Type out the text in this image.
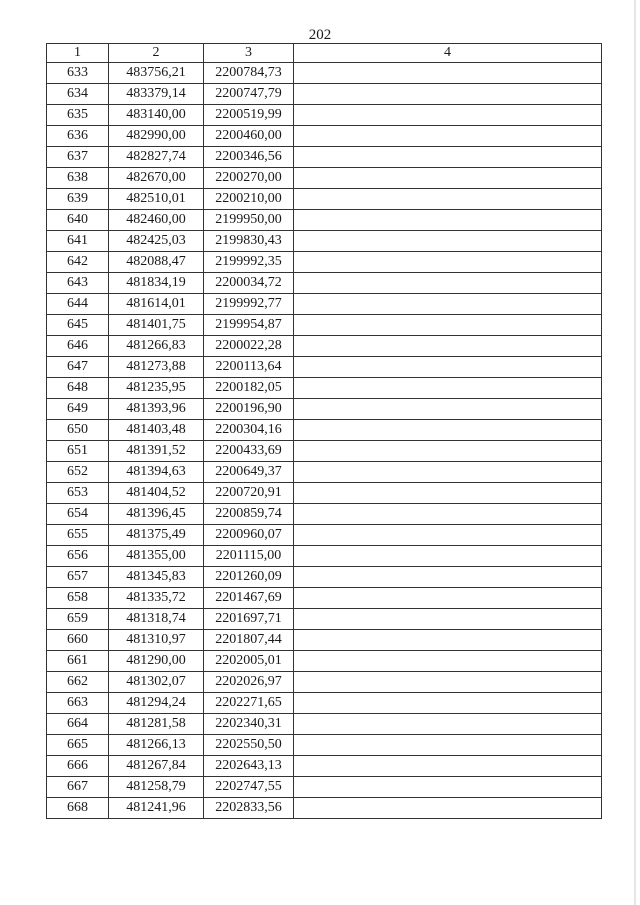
202
1	2	3	4
633	483756,21	2200784,73	
634	483379,14	2200747,79	
635	483140,00	2200519,99	
636	482990,00	2200460,00	
637	482827,74	2200346,56	
638	482670,00	2200270,00	
639	482510,01	2200210,00	
640	482460,00	2199950,00	
641	482425,03	2199830,43	
642	482088,47	2199992,35	
643	481834,19	2200034,72	
644	481614,01	2199992,77	
645	481401,75	2199954,87	
646	481266,83	2200022,28	
647	481273,88	2200113,64	
648	481235,95	2200182,05	
649	481393,96	2200196,90	
650	481403,48	2200304,16	
651	481391,52	2200433,69	
652	481394,63	2200649,37	
653	481404,52	2200720,91	
654	481396,45	2200859,74	
655	481375,49	2200960,07	
656	481355,00	2201115,00	
657	481345,83	2201260,09	
658	481335,72	2201467,69	
659	481318,74	2201697,71	
660	481310,97	2201807,44	
661	481290,00	2202005,01	
662	481302,07	2202026,97	
663	481294,24	2202271,65	
664	481281,58	2202340,31	
665	481266,13	2202550,50	
666	481267,84	2202643,13	
667	481258,79	2202747,55	
668	481241,96	2202833,56	
